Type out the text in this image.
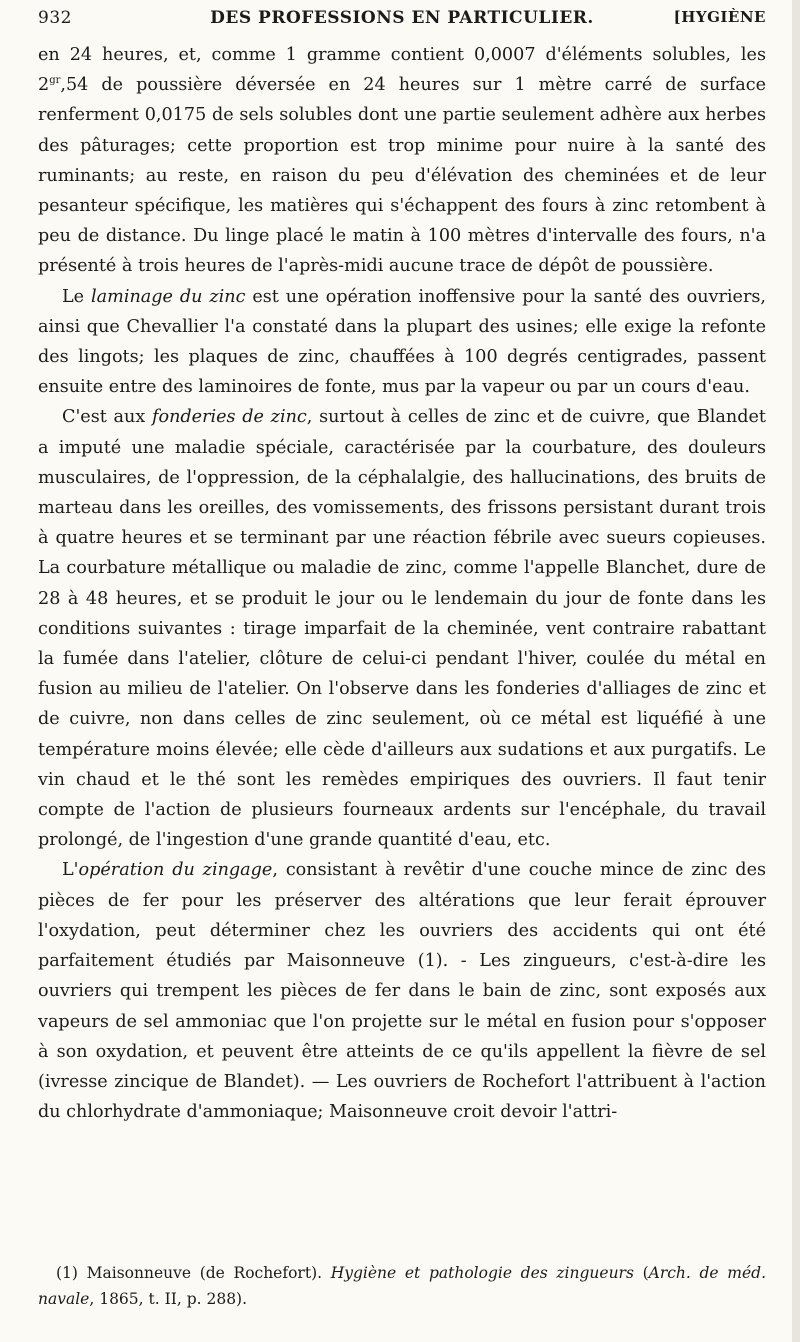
932	DES PROFESSIONS EN PARTICULIER.	[HYGIÈNE

en 24 heures, et, comme 1 gramme contient 0,0007 d'éléments solubles, les $2^{gr},54$ de poussière déversée en 24 heures sur 1 mètre carré de surface renferment 0,0175 de sels solubles dont une partie seulement adhère aux herbes des pâturages; cette proportion est trop minime pour nuire à la santé des ruminants; au reste, en raison du peu d'élévation des cheminées et de leur pesanteur spécifique, les matières qui s'échappent des fours à zinc retombent à peu de distance. Du linge placé le matin à 100 mètres d'intervalle des fours, n'a présenté à trois heures de l'après-midi aucune trace de dépôt de poussière.

Le laminage du zinc est une opération inoffensive pour la santé des ouvriers, ainsi que Chevallier l'a constaté dans la plupart des usines; elle exige la refonte des lingots; les plaques de zinc, chauffées à 100 degrés centigrades, passent ensuite entre des laminoires de fonte, mus par la vapeur ou par un cours d'eau.

C'est aux fonderies de zinc, surtout à celles de zinc et de cuivre, que Blandet a imputé une maladie spéciale, caractérisée par la courbature, des douleurs musculaires, de l'oppression, de la céphalalgie, des hallucinations, des bruits de marteau dans les oreilles, des vomissements, des frissons persistant durant trois à quatre heures et se terminant par une réaction fébrile avec sueurs copieuses. La courbature métallique ou maladie de zinc, comme l'appelle Blanchet, dure de 28 à 48 heures, et se produit le jour ou le lendemain du jour de fonte dans les conditions suivantes : tirage imparfait de la cheminée, vent contraire rabattant la fumée dans l'atelier, clôture de celui-ci pendant l'hiver, coulée du métal en fusion au milieu de l'atelier. On l'observe dans les fonderies d'alliages de zinc et de cuivre, non dans celles de zinc seulement, où ce métal est liquéfié à une température moins élevée; elle cède d'ailleurs aux sudations et aux purgatifs. Le vin chaud et le thé sont les remèdes empiriques des ouvriers. Il faut tenir compte de l'action de plusieurs fourneaux ardents sur l'encéphale, du travail prolongé, de l'ingestion d'une grande quantité d'eau, etc.

L'opération du zingage, consistant à revêtir d'une couche mince de zinc des pièces de fer pour les préserver des altérations que leur ferait éprouver l'oxydation, peut déterminer chez les ouvriers des accidents qui ont été parfaitement étudiés par Maisonneuve (1). - Les zingueurs, c'est-à-dire les ouvriers qui trempent les pièces de fer dans le bain de zinc, sont exposés aux vapeurs de sel ammoniac que l'on projette sur le métal en fusion pour s'opposer à son oxydation, et peuvent être atteints de ce qu'ils appellent la fièvre de sel (ivresse zincique de Blandet). — Les ouvriers de Rochefort l'attribuent à l'action du chlorhydrate d'ammoniaque; Maisonneuve croit devoir l'attri-

(1) Maisonneuve (de Rochefort). Hygiène et pathologie des zingueurs (Arch. de méd. navale, 1865, t. II, p. 288).
